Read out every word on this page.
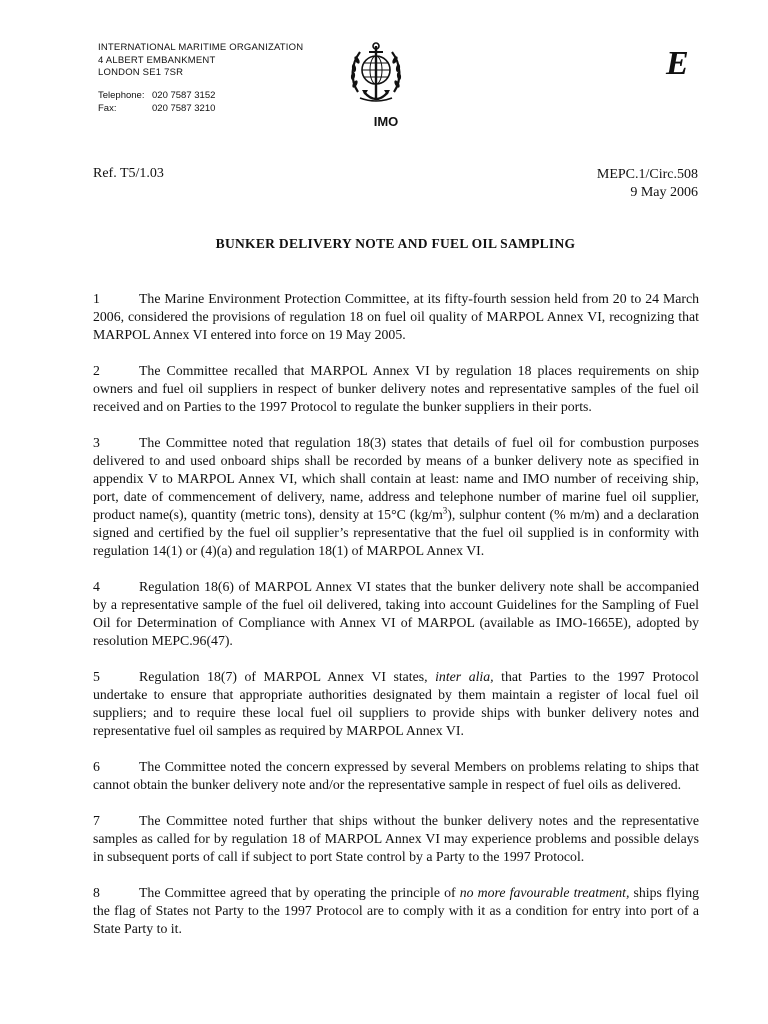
INTERNATIONAL MARITIME ORGANIZATION
4 ALBERT EMBANKMENT
LONDON SE1 7SR
Telephone: 020 7587 3152
Fax:	020 7587 3210
IMO
E
Ref. T5/1.03	MEPC.1/Circ.508
9 May 2006
BUNKER DELIVERY NOTE AND FUEL OIL SAMPLING

1	The Marine Environment Protection Committee, at its fifty-fourth session held from 20 to 24 March 2006, considered the provisions of regulation 18 on fuel oil quality of MARPOL Annex VI, recognizing that MARPOL Annex VI entered into force on 19 May 2005.

2	The Committee recalled that MARPOL Annex VI by regulation 18 places requirements on ship owners and fuel oil suppliers in respect of bunker delivery notes and representative samples of the fuel oil received and on Parties to the 1997 Protocol to regulate the bunker suppliers in their ports.

3	The Committee noted that regulation 18(3) states that details of fuel oil for combustion purposes delivered to and used onboard ships shall be recorded by means of a bunker delivery note as specified in appendix V to MARPOL Annex VI, which shall contain at least: name and IMO number of receiving ship, port, date of commencement of delivery, name, address and telephone number of marine fuel oil supplier, product name(s), quantity (metric tons), density at 15°C $(kg/m^3)$, sulphur content (% m/m) and a declaration signed and certified by the fuel oil supplier’s representative that the fuel oil supplied is in conformity with regulation 14(1) or (4)(a) and regulation 18(1) of MARPOL Annex VI.

4	Regulation 18(6) of MARPOL Annex VI states that the bunker delivery note shall be accompanied by a representative sample of the fuel oil delivered, taking into account Guidelines for the Sampling of Fuel Oil for Determination of Compliance with Annex VI of MARPOL (available as IMO-1665E), adopted by resolution MEPC.96(47).

5	Regulation 18(7) of MARPOL Annex VI states, inter alia, that Parties to the 1997 Protocol undertake to ensure that appropriate authorities designated by them maintain a register of local fuel oil suppliers; and to require these local fuel oil suppliers to provide ships with bunker delivery notes and representative fuel oil samples as required by MARPOL Annex VI.

6	The Committee noted the concern expressed by several Members on problems relating to ships that cannot obtain the bunker delivery note and/or the representative sample in respect of fuel oils as delivered.

7	The Committee noted further that ships without the bunker delivery notes and the representative samples as called for by regulation 18 of MARPOL Annex VI may experience problems and possible delays in subsequent ports of call if subject to port State control by a Party to the 1997 Protocol.

8	The Committee agreed that by operating the principle of no more favourable treatment, ships flying the flag of States not Party to the 1997 Protocol are to comply with it as a condition for entry into port of a State Party to it.
